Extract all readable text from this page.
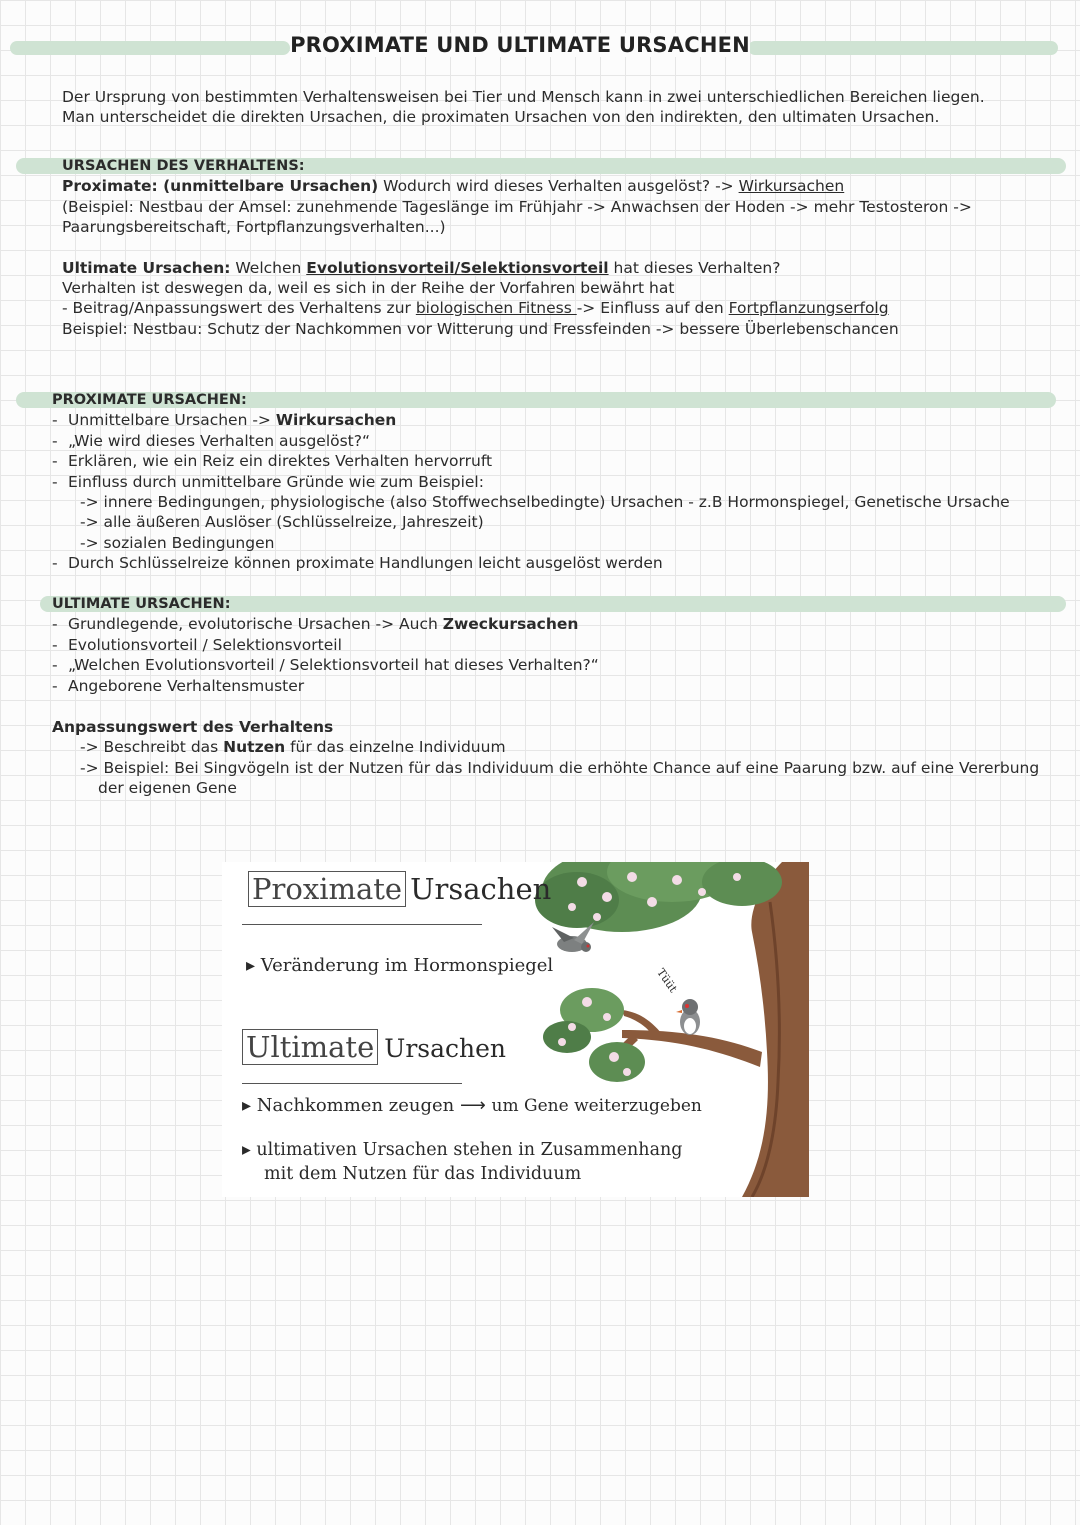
PROXIMATE UND ULTIMATE URSACHEN

Der Ursprung von bestimmten Verhaltensweisen bei Tier und Mensch kann in zwei unterschiedlichen Bereichen liegen.

Man unterscheidet die direkten Ursachen, die proximaten Ursachen von den indirekten, den ultimaten Ursachen.

URSACHEN DES VERHALTENS:

Proximate: (unmittelbare Ursachen) Wodurch wird dieses Verhalten ausgelöst? -> Wirkursachen

(Beispiel: Nestbau der Amsel: zunehmende Tageslänge im Frühjahr -> Anwachsen der Hoden -> mehr Testosteron ->

Paarungsbereitschaft, Fortpflanzungsverhalten...)

Ultimate Ursachen: Welchen Evolutionsvorteil/Selektionsvorteil hat dieses Verhalten?

Verhalten ist deswegen da, weil es sich in der Reihe der Vorfahren bewährt hat

- Beitrag/Anpassungswert des Verhaltens zur biologischen Fitness -> Einfluss auf den Fortpflanzungserfolg

Beispiel: Nestbau: Schutz der Nachkommen vor Witterung und Fressfeinden -> bessere Überlebenschancen

PROXIMATE URSACHEN:

- Unmittelbare Ursachen -> Wirkursachen

- „Wie wird dieses Verhalten ausgelöst?“

- Erklären, wie ein Reiz ein direktes Verhalten hervorruft

- Einfluss durch unmittelbare Gründe wie zum Beispiel:

-> innere Bedingungen, physiologische (also Stoffwechselbedingte) Ursachen - z.B Hormonspiegel, Genetische Ursache

-> alle äußeren Auslöser (Schlüsselreize, Jahreszeit)

-> sozialen Bedingungen

- Durch Schlüsselreize können proximate Handlungen leicht ausgelöst werden

ULTIMATE URSACHEN:

- Grundlegende, evolutorische Ursachen -> Auch Zweckursachen

- Evolutionsvorteil / Selektionsvorteil

- „Welchen Evolutionsvorteil / Selektionsvorteil hat dieses Verhalten?“

- Angeborene Verhaltensmuster

Anpassungswert des Verhaltens

-> Beschreibt das Nutzen für das einzelne Individuum

-> Beispiel: Bei Singvögeln ist der Nutzen für das Individuum die erhöhte Chance auf eine Paarung bzw. auf eine Vererbung

der eigenen Gene

Proximate Ursachen
▸ Veränderung im Hormonspiegel
Tüüt
Ultimate Ursachen
▸ Nachkommen zeugen ⟶ um Gene weiterzugeben
▸ ultimativen Ursachen stehen in Zusammenhang
mit dem Nutzen für das Individuum
